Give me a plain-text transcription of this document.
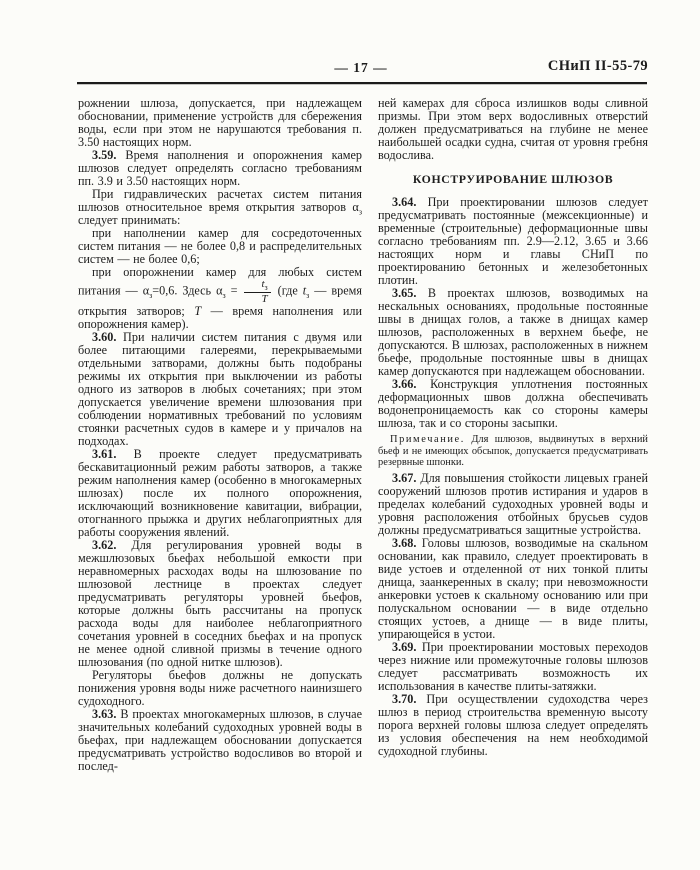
— 17 —	СНиП II-55-79

рожнении шлюза, допускается, при надлежащем обосновании, применение устройств для сбережения воды, если при этом не нарушаются требования п. 3.50 настоящих норм.

3.59. Время наполнения и опорожнения камер шлюзов следует определять согласно требованиям пп. 3.9 и 3.50 настоящих норм.

При гидравлических расчетах систем питания шлюзов относительное время открытия затворов $\alpha_з$ следует принимать:

при наполнении камер для сосредоточенных систем питания — не более 0,8 и распределительных систем — не более 0,6;

при опорожнении камер для любых систем питания — $\alpha_з=0,6$. Здесь $\alpha_з = \frac{t_з}{T} (где$ $t_з$ — время открытия затворов; T — время наполнения или опорожнения камер).

3.60. При наличии систем питания с двумя или более питающими галереями, перекрываемыми отдельными затворами, должны быть подобраны режимы их открытия при выключении из работы одного из затворов в любых сочетаниях; при этом допускается увеличение времени шлюзования при соблюдении нормативных требований по условиям стоянки расчетных судов в камере и у причалов на подходах.

3.61. В проекте следует предусматривать бескавитационный режим работы затворов, а также режим наполнения камер (особенно в многокамерных шлюзах) после их полного опорожнения, исключающий возникновение кавитации, вибрации, отогнанного прыжка и других неблагоприятных для работы сооружения явлений.

3.62. Для регулирования уровней воды в межшлюзовых бьефах небольшой емкости при неравномерных расходах воды на шлюзование по шлюзовой лестнице в проектах следует предусматривать регуляторы уровней бьефов, которые должны быть рассчитаны на пропуск расхода воды для наиболее неблагоприятного сочетания уровней в соседних бьефах и на пропуск не менее одной сливной призмы в течение одного шлюзования (по одной нитке шлюзов).

Регуляторы бьефов должны не допускать понижения уровня воды ниже расчетного наинизшего судоходного.

3.63. В проектах многокамерных шлюзов, в случае значительных колебаний судоходных уровней воды в бьефах, при надлежащем обосновании допускается предусматривать устройство водосливов во второй и послед-

ней камерах для сброса излишков воды сливной призмы. При этом верх водосливных отверстий должен предусматриваться на глубине не менее наибольшей осадки судна, считая от уровня гребня водослива.

КОНСТРУИРОВАНИЕ ШЛЮЗОВ

3.64. При проектировании шлюзов следует предусматривать постоянные (межсекционные) и временные (строительные) деформационные швы согласно требованиям пп. 2.9—2.12, 3.65 и 3.66 настоящих норм и главы СНиП по проектированию бетонных и железобетонных плотин.

3.65. В проектах шлюзов, возводимых на нескальных основаниях, продольные постоянные швы в днищах голов, а также в днищах камер шлюзов, расположенных в верхнем бьефе, не допускаются. В шлюзах, расположенных в нижнем бьефе, продольные постоянные швы в днищах камер допускаются при надлежащем обосновании.

3.66. Конструкция уплотнения постоянных деформационных швов должна обеспечивать водонепроницаемость как со стороны камеры шлюза, так и со стороны засыпки.

Примечание. Для шлюзов, выдвинутых в верхний бьеф и не имеющих обсыпок, допускается предусматривать резервные шпонки.

3.67. Для повышения стойкости лицевых граней сооружений шлюзов против истирания и ударов в пределах колебаний судоходных уровней воды и уровня расположения отбойных брусьев судов должны предусматриваться защитные устройства.

3.68. Головы шлюзов, возводимые на скальном основании, как правило, следует проектировать в виде устоев и отделенной от них тонкой плиты днища, заанкеренных в скалу; при невозможности анкеровки устоев к скальному основанию или при полускальном основании — в виде отдельно стоящих устоев, а днище — в виде плиты, упирающейся в устои.

3.69. При проектировании мостовых переходов через нижние или промежуточные головы шлюзов следует рассматривать возможность их использования в качестве плиты-затяжки.

3.70. При осуществлении судоходства через шлюз в период строительства временную высоту порога верхней головы шлюза следует определять из условия обеспечения на нем необходимой судоходной глубины.
